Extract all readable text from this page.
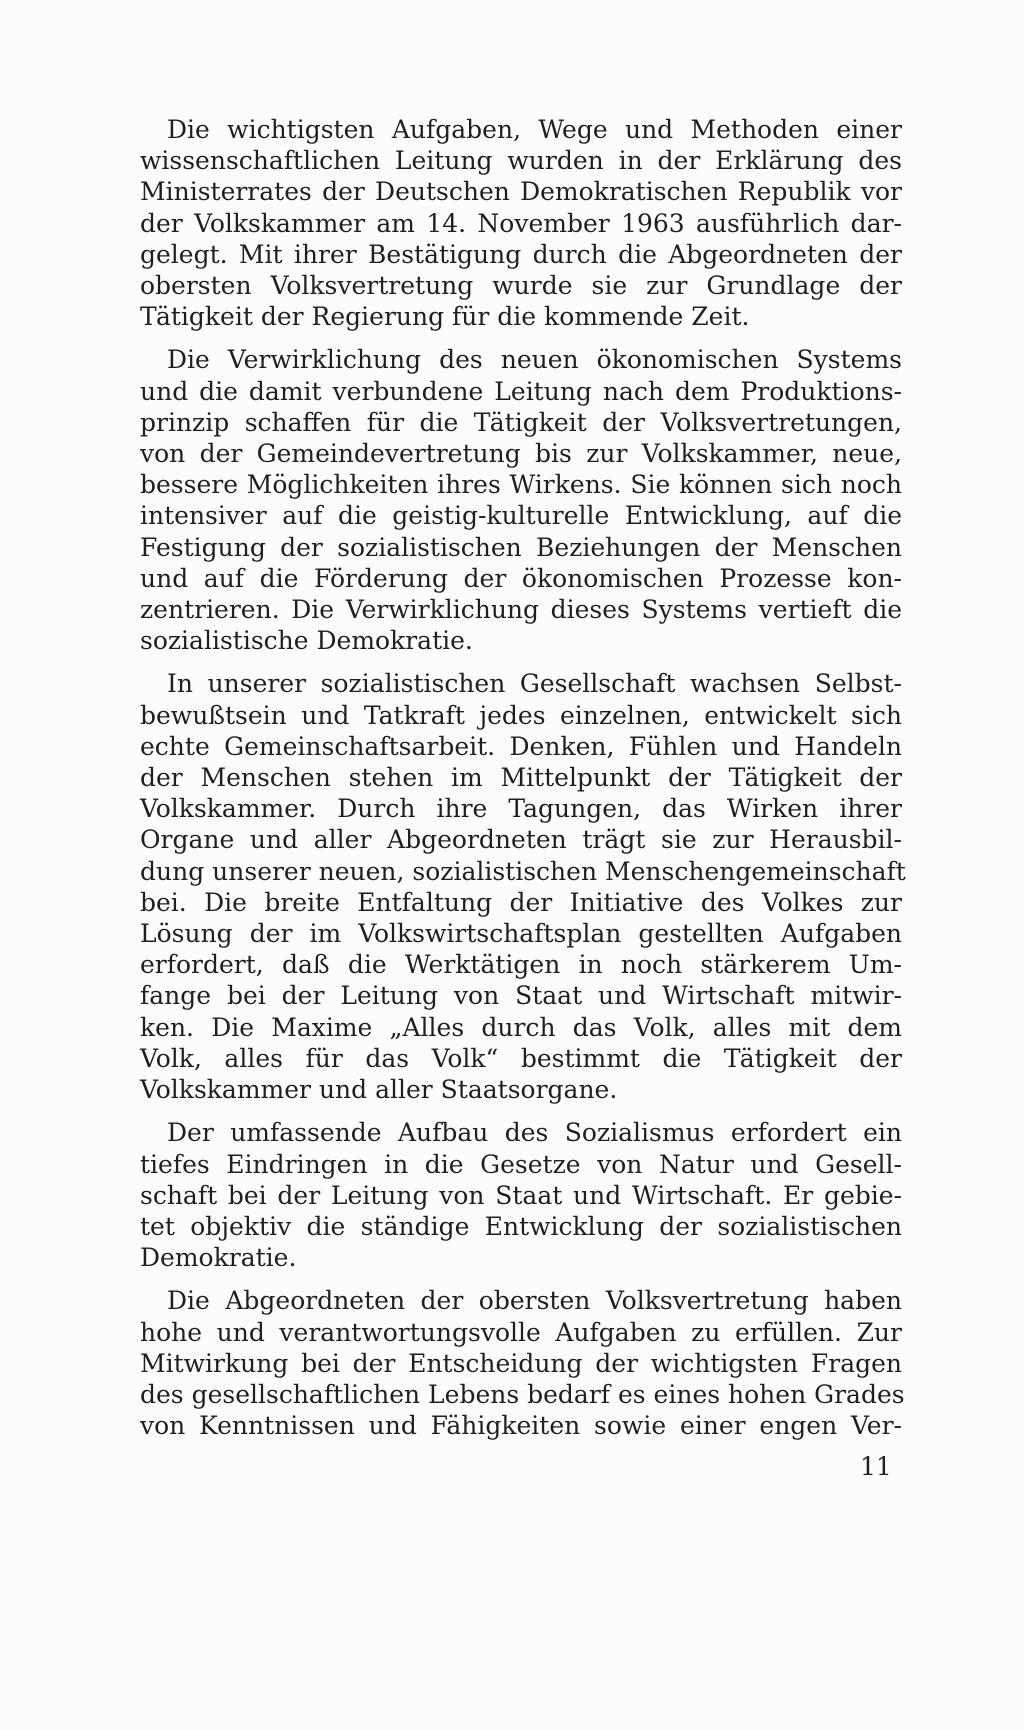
Die wichtigsten Aufgaben, Wege und Methoden einer
wissenschaftlichen Leitung wurden in der Erklärung des
Ministerrates der Deutschen Demokratischen Republik vor
der Volkskammer am 14. November 1963 ausführlich dar-
gelegt. Mit ihrer Bestätigung durch die Abgeordneten der
obersten Volksvertretung wurde sie zur Grundlage der
Tätigkeit der Regierung für die kommende Zeit.
Die Verwirklichung des neuen ökonomischen Systems
und die damit verbundene Leitung nach dem Produktions-
prinzip schaffen für die Tätigkeit der Volksvertretungen,
von der Gemeindevertretung bis zur Volkskammer, neue,
bessere Möglichkeiten ihres Wirkens. Sie können sich noch
intensiver auf die geistig-kulturelle Entwicklung, auf die
Festigung der sozialistischen Beziehungen der Menschen
und auf die Förderung der ökonomischen Prozesse kon-
zentrieren. Die Verwirklichung dieses Systems vertieft die
sozialistische Demokratie.
In unserer sozialistischen Gesellschaft wachsen Selbst-
bewußtsein und Tatkraft jedes einzelnen, entwickelt sich
echte Gemeinschaftsarbeit. Denken, Fühlen und Handeln
der Menschen stehen im Mittelpunkt der Tätigkeit der
Volkskammer. Durch ihre Tagungen, das Wirken ihrer
Organe und aller Abgeordneten trägt sie zur Herausbil-
dung unserer neuen, sozialistischen Menschengemeinschaft
bei. Die breite Entfaltung der Initiative des Volkes zur
Lösung der im Volkswirtschaftsplan gestellten Aufgaben
erfordert, daß die Werktätigen in noch stärkerem Um-
fange bei der Leitung von Staat und Wirtschaft mitwir-
ken. Die Maxime „Alles durch das Volk, alles mit dem
Volk, alles für das Volk“ bestimmt die Tätigkeit der
Volkskammer und aller Staatsorgane.
Der umfassende Aufbau des Sozialismus erfordert ein
tiefes Eindringen in die Gesetze von Natur und Gesell-
schaft bei der Leitung von Staat und Wirtschaft. Er gebie-
tet objektiv die ständige Entwicklung der sozialistischen
Demokratie.
Die Abgeordneten der obersten Volksvertretung haben
hohe und verantwortungsvolle Aufgaben zu erfüllen. Zur
Mitwirkung bei der Entscheidung der wichtigsten Fragen
des gesellschaftlichen Lebens bedarf es eines hohen Grades
von Kenntnissen und Fähigkeiten sowie einer engen Ver-
11
